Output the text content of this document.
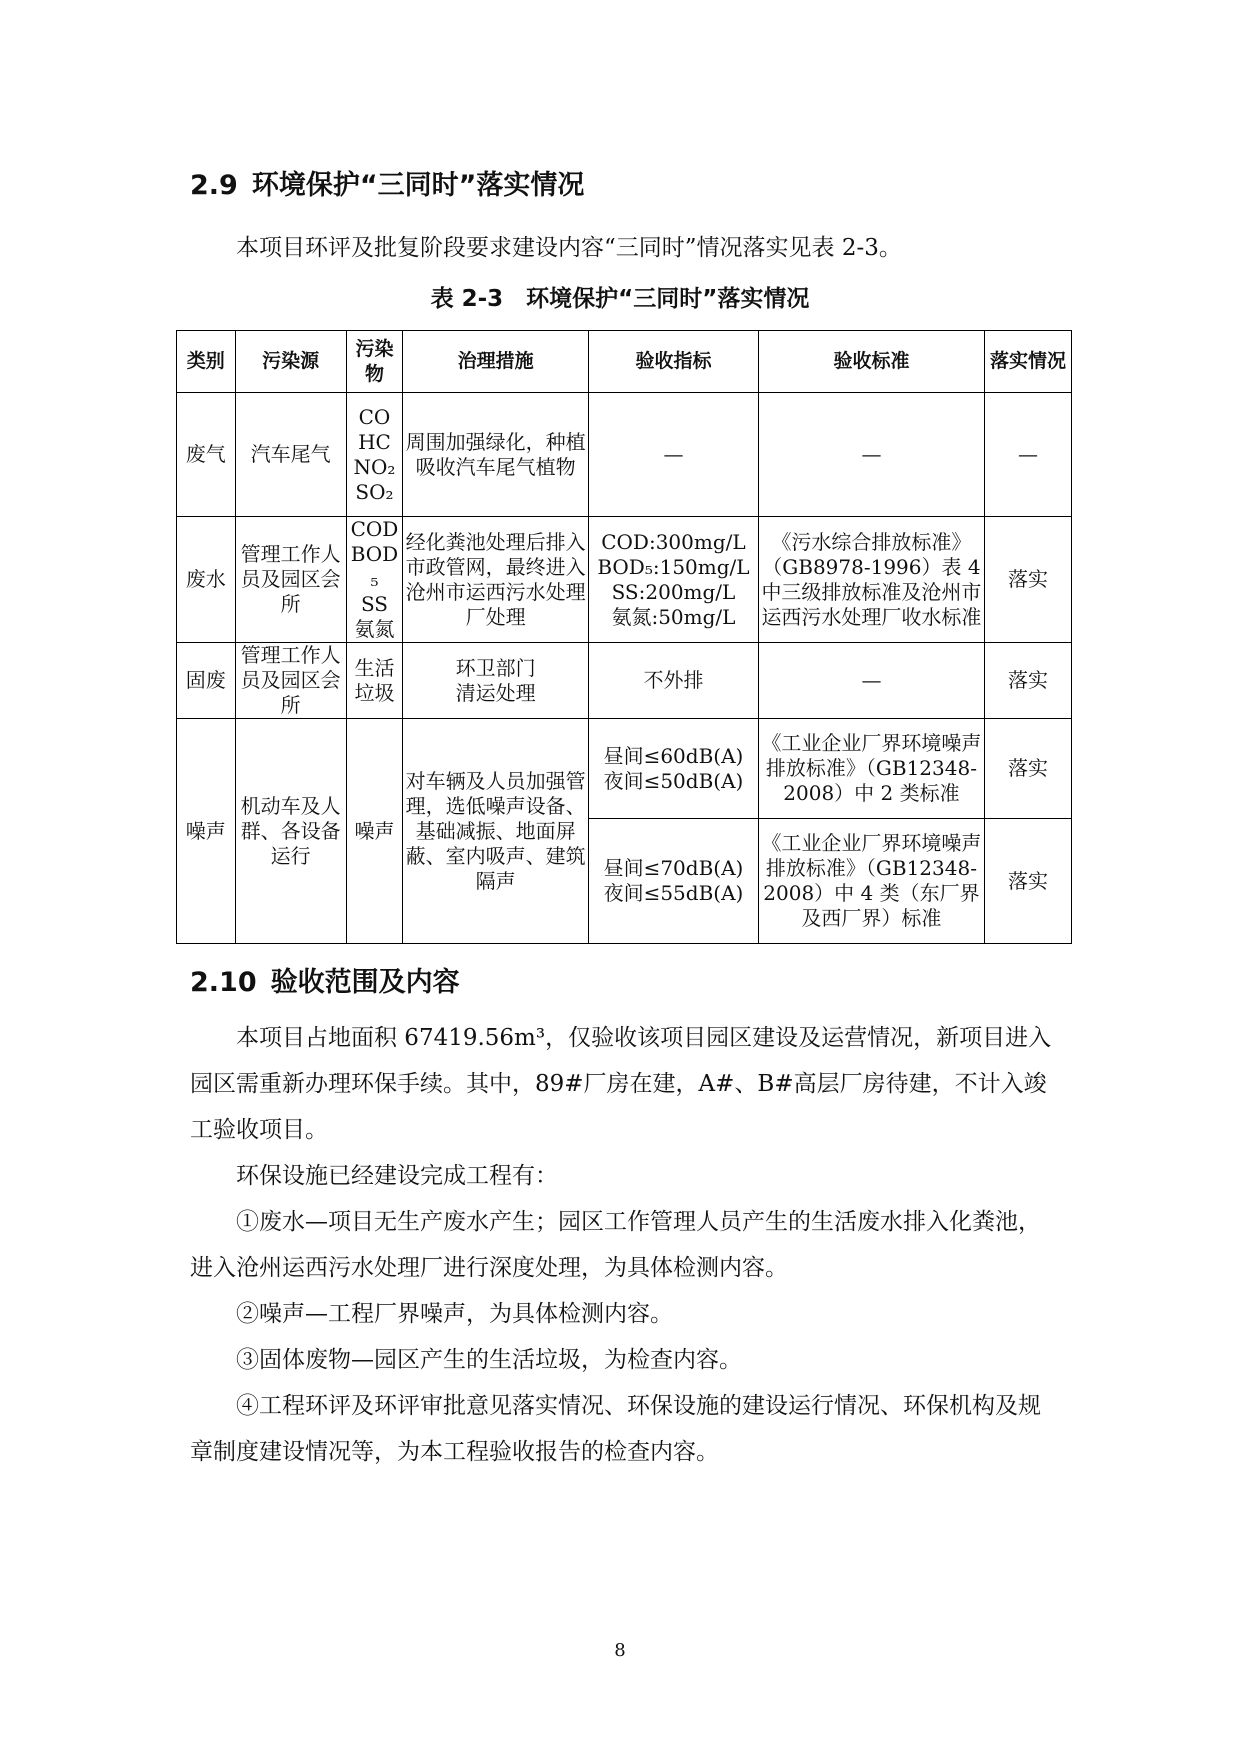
2.9 环境保护“三同时”落实情况

本项目环评及批复阶段要求建设内容“三同时”情况落实见表 2-3。

表 2-3　环境保护“三同时”落实情况
类别	污染源	污染物	治理措施	验收指标	验收标准	落实情况
废气	汽车尾气	CO
HC
NO₂
SO₂	周围加强绿化，种植吸收汽车尾气植物	—	—	—
废水	管理工作人员及园区会所	COD
BOD₅
SS
氨氮	经化粪池处理后排入市政管网，最终进入沧州市运西污水处理厂处理	COD:300mg/L
BOD₅:150mg/L
SS:200mg/L
氨氮:50mg/L	《污水综合排放标准》（GB8978-1996）表 4 中三级排放标准及沧州市运西污水处理厂收水标准	落实
固废	管理工作人员及园区会所	生活
垃圾	环卫部门
清运处理	不外排	—	落实
噪声	机动车及人群、各设备运行	噪声	对车辆及人员加强管理，选低噪声设备、基础减振、地面屏蔽、室内吸声、建筑隔声	昼间≤60dB(A)
夜间≤50dB(A)	《工业企业厂界环境噪声排放标准》（GB12348-2008）中 2 类标准	落实

				昼间≤70dB(A)
夜间≤55dB(A)	《工业企业厂界环境噪声排放标准》（GB12348-2008）中 4 类（东厂界及西厂界）标准	落实
2.10 验收范围及内容

本项目占地面积 67419.56m³，仅验收该项目园区建设及运营情况，新项目进入园区需重新办理环保手续。其中，89#厂房在建，A#、B#高层厂房待建，不计入竣工验收项目。

环保设施已经建设完成工程有：

①废水—项目无生产废水产生；园区工作管理人员产生的生活废水排入化粪池，进入沧州运西污水处理厂进行深度处理，为具体检测内容。

②噪声—工程厂界噪声，为具体检测内容。

③固体废物—园区产生的生活垃圾，为检查内容。

④工程环评及环评审批意见落实情况、环保设施的建设运行情况、环保机构及规章制度建设情况等，为本工程验收报告的检查内容。

8
